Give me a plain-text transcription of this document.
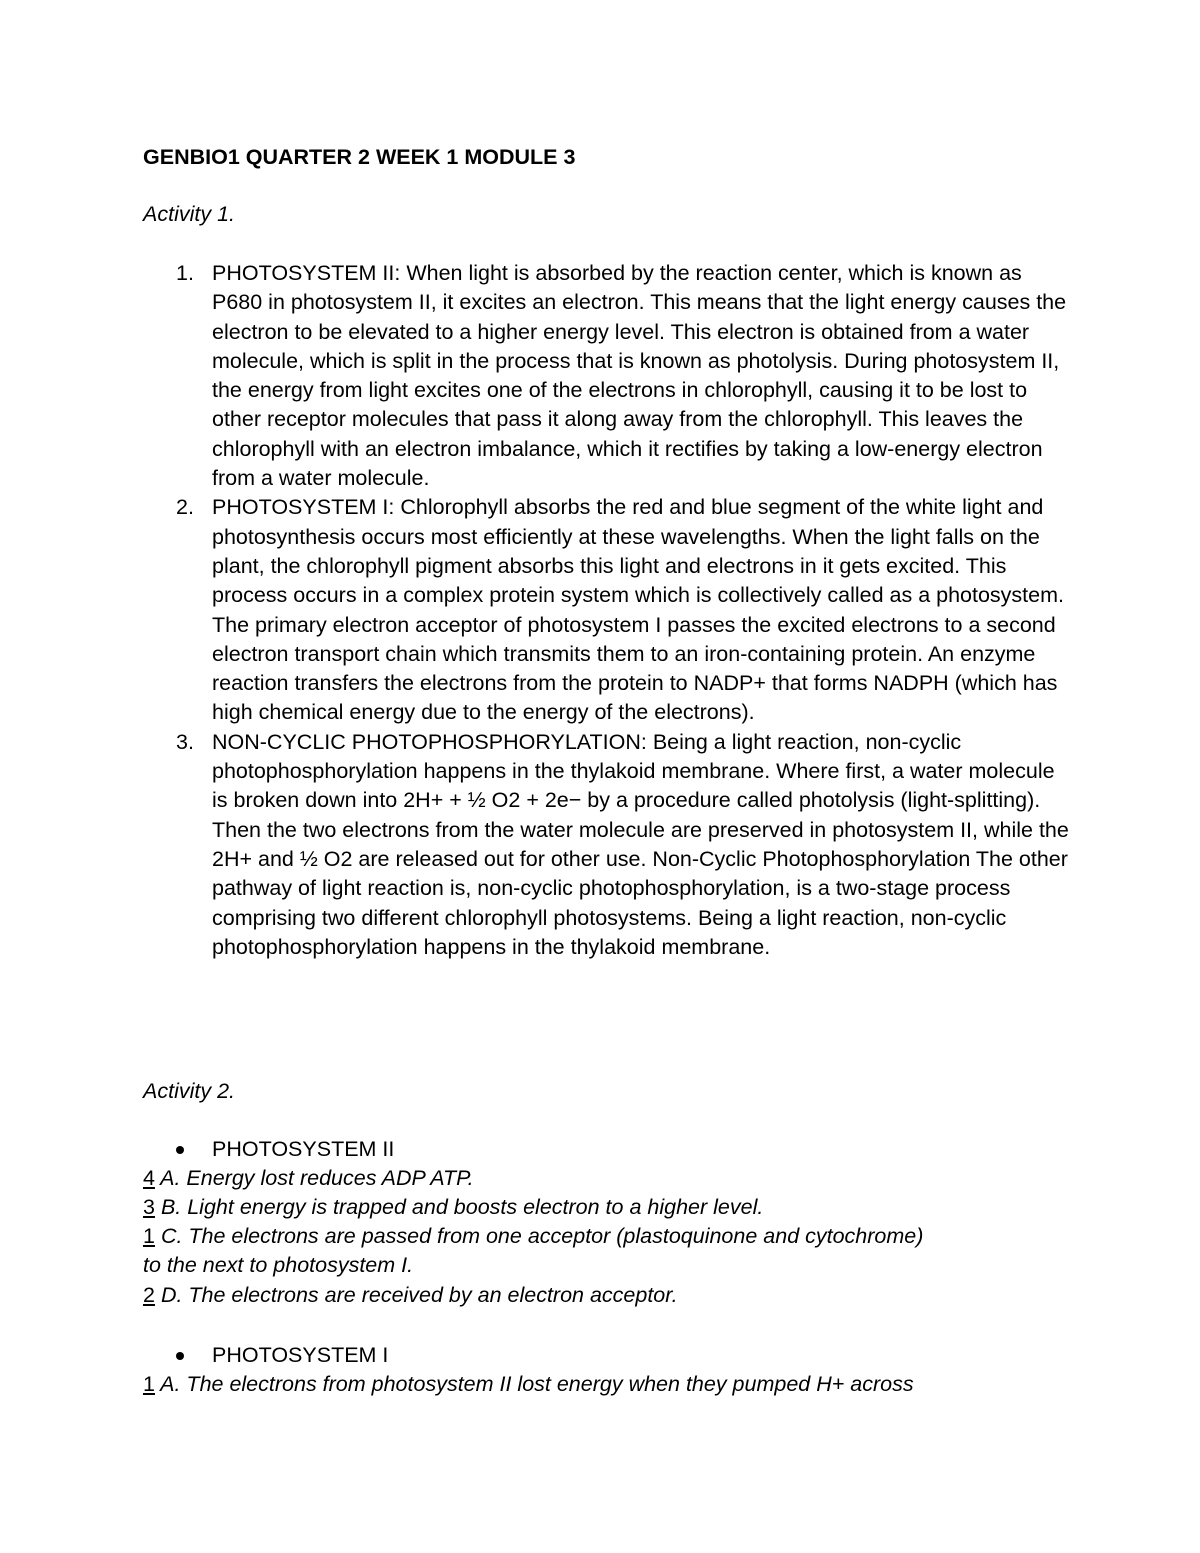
GENBIO1 QUARTER 2 WEEK 1 MODULE 3
Activity 1.
1. PHOTOSYSTEM II: When light is absorbed by the reaction center, which is known as P680 in photosystem II, it excites an electron. This means that the light energy causes the electron to be elevated to a higher energy level. This electron is obtained from a water molecule, which is split in the process that is known as photolysis. During photosystem II, the energy from light excites one of the electrons in chlorophyll, causing it to be lost to other receptor molecules that pass it along away from the chlorophyll. This leaves the chlorophyll with an electron imbalance, which it rectifies by taking a low-energy electron from a water molecule.
2. PHOTOSYSTEM I: Chlorophyll absorbs the red and blue segment of the white light and photosynthesis occurs most efficiently at these wavelengths. When the light falls on the plant, the chlorophyll pigment absorbs this light and electrons in it gets excited. This process occurs in a complex protein system which is collectively called as a photosystem. The primary electron acceptor of photosystem I passes the excited electrons to a second electron transport chain which transmits them to an iron-containing protein. An enzyme reaction transfers the electrons from the protein to NADP+ that forms NADPH (which has high chemical energy due to the energy of the electrons).
3. NON-CYCLIC PHOTOPHOSPHORYLATION: Being a light reaction, non-cyclic photophosphorylation happens in the thylakoid membrane. Where first, a water molecule is broken down into 2H+ + ½ O2 + 2e− by a procedure called photolysis (light-splitting). Then the two electrons from the water molecule are preserved in photosystem II, while the 2H+ and ½ O2 are released out for other use. Non-Cyclic Photophosphorylation The other pathway of light reaction is, non-cyclic photophosphorylation, is a two-stage process comprising two different chlorophyll photosystems. Being a light reaction, non-cyclic photophosphorylation happens in the thylakoid membrane.
Activity 2.
PHOTOSYSTEM II
4 A. Energy lost reduces ADP ATP.
3 B. Light energy is trapped and boosts electron to a higher level.
1 C. The electrons are passed from one acceptor (plastoquinone and cytochrome)
to the next to photosystem I.
2 D. The electrons are received by an electron acceptor.
PHOTOSYSTEM I
1 A. The electrons from photosystem II lost energy when they pumped H+ across
